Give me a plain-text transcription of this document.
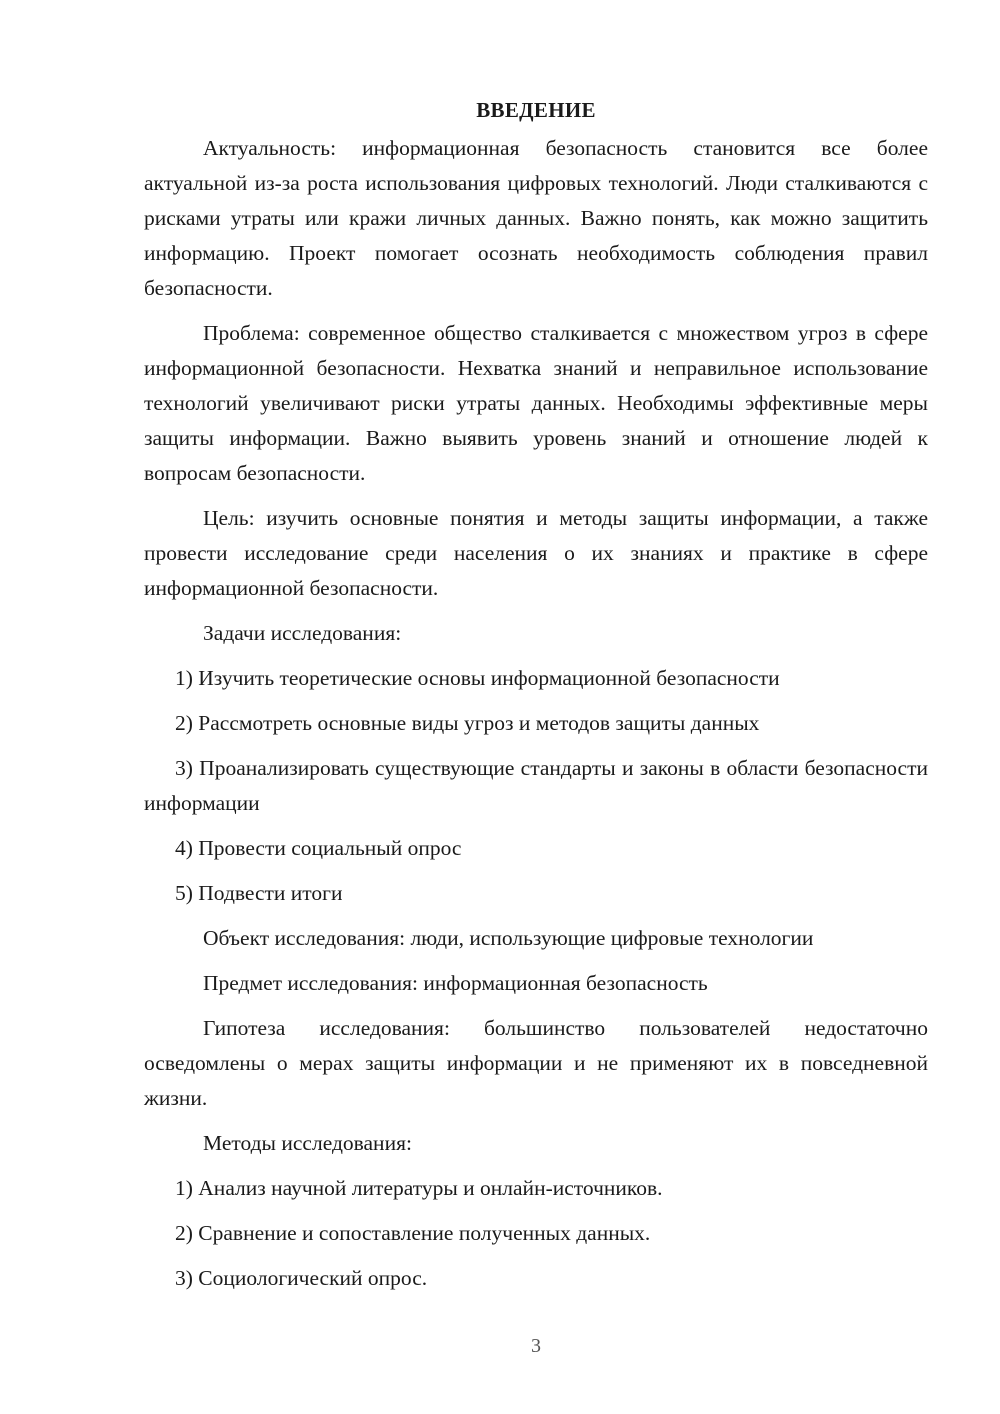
ВВЕДЕНИЕ

Актуальность: информационная безопасность становится все более актуальной из-за роста использования цифровых технологий. Люди сталкиваются с рисками утраты или кражи личных данных. Важно понять, как можно защитить информацию. Проект помогает осознать необходимость соблюдения правил безопасности.

Проблема: современное общество сталкивается с множеством угроз в сфере информационной безопасности. Нехватка знаний и неправильное использование технологий увеличивают риски утраты данных. Необходимы эффективные меры защиты информации. Важно выявить уровень знаний и отношение людей к вопросам безопасности.

Цель: изучить основные понятия и методы защиты информации, а также провести исследование среди населения о их знаниях и практике в сфере информационной безопасности.

Задачи исследования:

1) Изучить теоретические основы информационной безопасности

2) Рассмотреть основные виды угроз и методов защиты данных

3) Проанализировать существующие стандарты и законы в области безопасности информации

4) Провести социальный опрос

5) Подвести итоги

Объект исследования: люди, использующие цифровые технологии

Предмет исследования: информационная безопасность

Гипотеза исследования: большинство пользователей недостаточно осведомлены о мерах защиты информации и не применяют их в повседневной жизни.

Методы исследования:

1) Анализ научной литературы и онлайн-источников.

2) Сравнение и сопоставление полученных данных.

3) Социологический опрос.

3
